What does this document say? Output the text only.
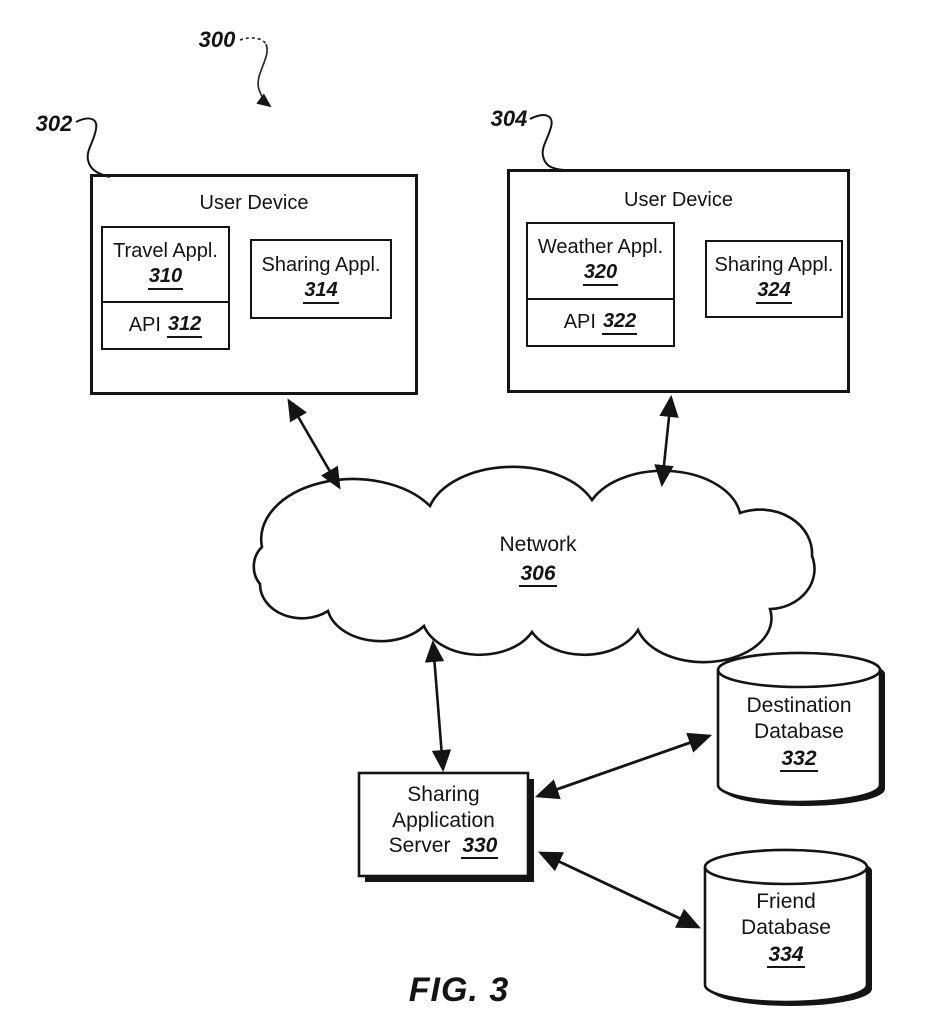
300
302	304
User Device
Travel Appl.
310
API 312
Sharing Appl.
314
User Device
Weather Appl.
320
API 322
Sharing Appl.
324
Network
306
Sharing
Application
Server 330
Destination
Database
332
Friend
Database
334
FIG. 3
